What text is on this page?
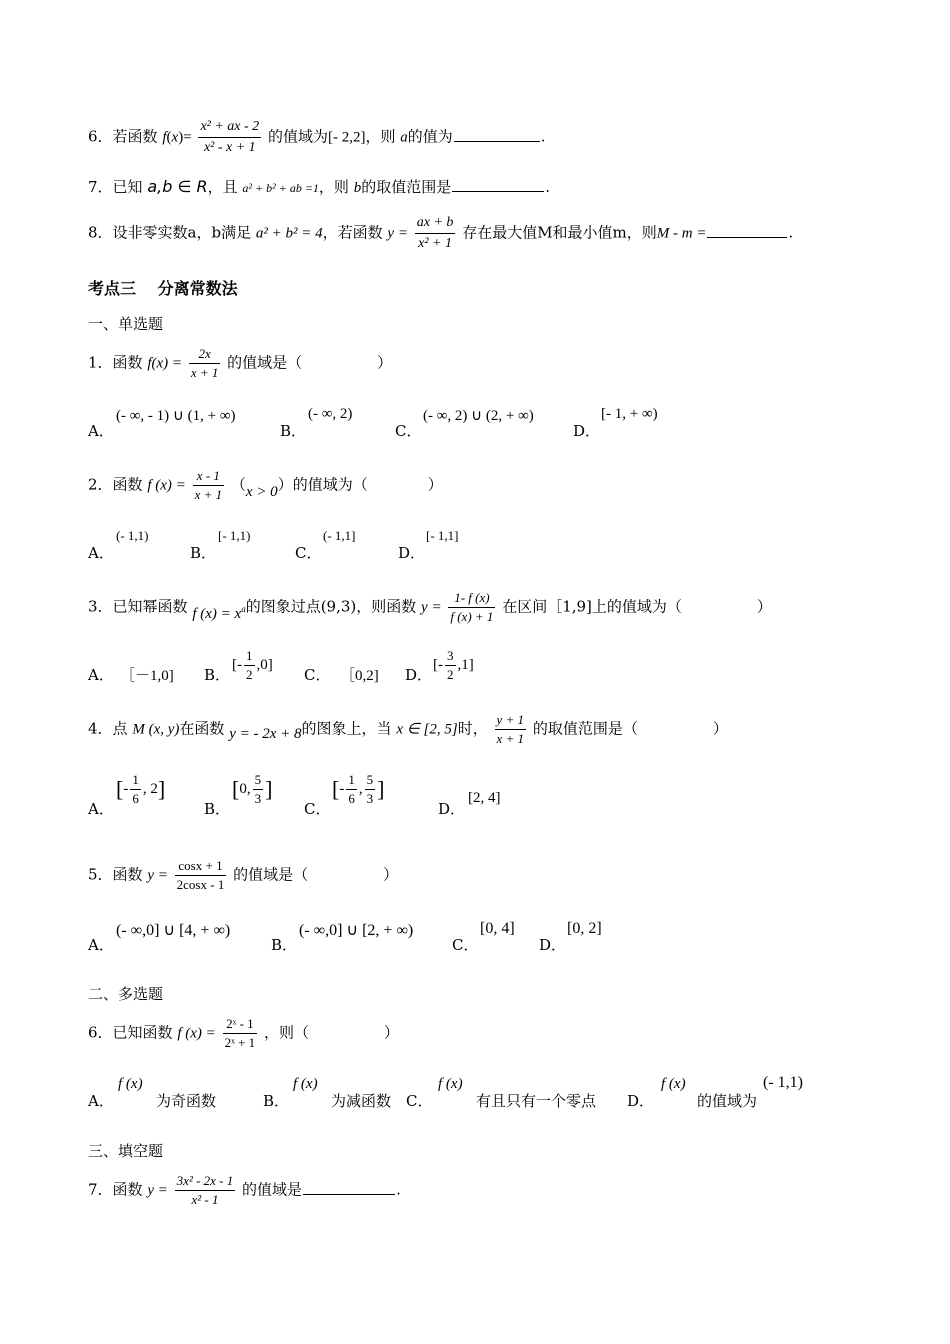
6．若函数 $f(x)= \frac{\text{x² + ax - 2}}{\text{x² - x + 1}}$ 的值域为[- 2,2]，则 a的值为	.
7．已知 a,b ∈ R，且 a² + b² + ab =1，则 b的取值范围是	.
8．设非零实数a，b满足 a² + b² = 4，若函数 $y = \frac{ax + b}{\text{x² + 1}}$ 存在最大值M和最小值m，则M - m =	.
考点三　 分离常数法
一、单选题
1．函数 $f(x) = \frac{2x}{x + 1}$ 的值域是（　　　　　）
A．
(- ∞, - 1) ∪ (1, + ∞)
B．
(- ∞, 2)
C．
(- ∞, 2) ∪ (2, + ∞)
D．
[- 1, + ∞)
2．函数 f $(x) = \frac{x - 1}{x + 1} (x > 0)$的值域为（　　　　）
A．
(- 1,1)
B．
[- 1,1)
C．
(- 1,1]
D．
[- 1,1]
3．已知幂函数 f $(x) = x^a$的图象过点(9,3)，则函数 $y = \frac{1- f (x)}{f (x) + 1}$ 在区间［1,9]上的值域为（　　　　　）
A． ［－1,0] B．
[- $\frac{1}{2} ,0$]
C． ［0,2] D．
[- $\frac{3}{2} ,1$]
4．点 M (x, y)在函数 y = - 2x + 8的图象上，当 x ∈ [2, 5]时， $\frac{y + 1}{x + 1}$ 的取值范围是（　　　　　）
A．
[- $\frac{1}{6}$ , 2]
B．
[0, $\frac{5}{3}$ ]
C．
[- $\frac{1}{6}$ , $\frac{5}{3}$ ]
D．
[2, 4]
5．函数 $y = \frac{\cos x + 1}{2\cos x - 1}$ 的值域是（　　　　　）
A．
(- ∞,0] ∪ [4, + ∞)
B．
(- ∞,0] ∪ [2, + ∞)
C．
[0, 4]
D．
[0, 2]
二、多选题
6．已知函数 f $(x) = \frac{\text{2ˣ - 1}}{\text{2ˣ + 1}}$ ，则（　　　　　）
A．
f (x)
为奇函数	B．
f (x)
为减函数 C．
f (x)
有且只有一个零点 D．
f (x)
的值域为
(- 1,1)
三、填空题
7．函数 $y = \frac{\text{3x² - 2x - 1}}{\text{x² - 1}}$ 的值域是	.
